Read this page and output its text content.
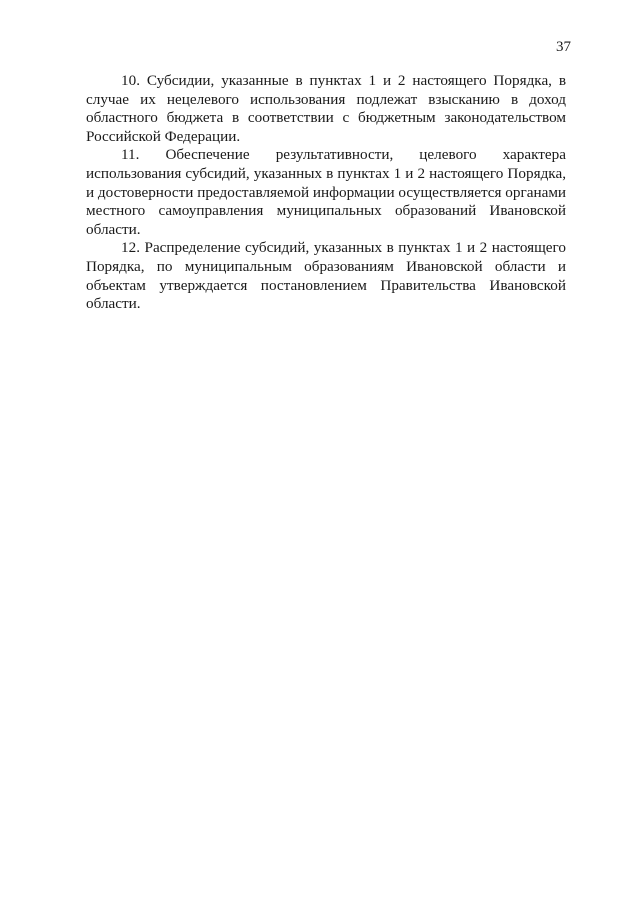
37
10. Субсидии, указанные в пунктах 1 и 2 настоящего Порядка, в
случае их нецелевого использования подлежат взысканию в доход
областного бюджета в соответствии с бюджетным законодательством
Российской Федерации.
11. Обеспечение результативности, целевого характера
использования субсидий, указанных в пунктах 1 и 2 настоящего Порядка,
и достоверности предоставляемой информации осуществляется органами
местного самоуправления муниципальных образований Ивановской
области.
12. Распределение субсидий, указанных в пунктах 1 и 2 настоящего
Порядка, по муниципальным образованиям Ивановской области и
объектам утверждается постановлением Правительства Ивановской
области.
